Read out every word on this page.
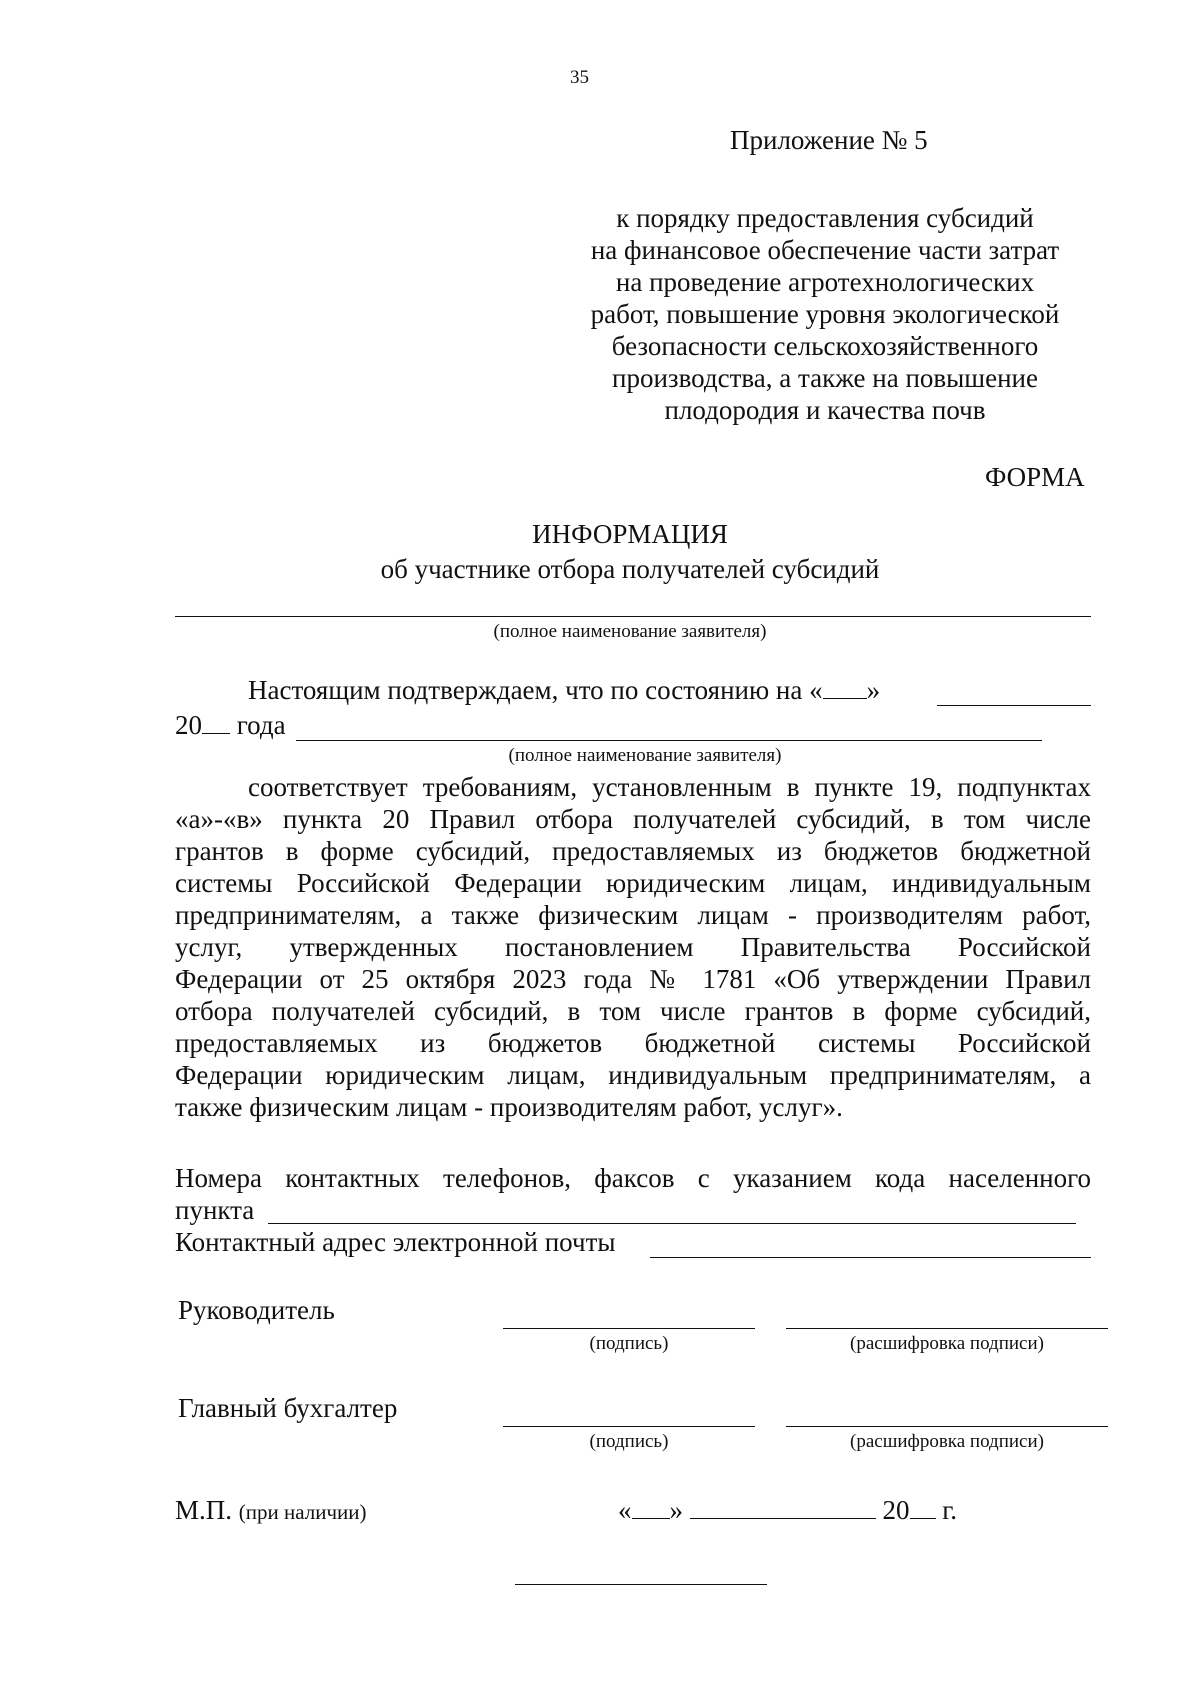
35
Приложение № 5
к порядку предоставления субсидий
на финансовое обеспечение части затрат
на проведение агротехнологических
работ, повышение уровня экологической
безопасности сельскохозяйственного
производства, а также на повышение
плодородия и качества почв
ФОРМА
ИНФОРМАЦИЯ
об участнике отбора получателей субсидий
(полное наименование заявителя)
Настоящим подтверждаем, что по состоянию на « »
20 года
(полное наименование заявителя)
соответствует требованиям, установленным в пункте 19, подпунктах
«а»-«в» пункта 20 Правил отбора получателей субсидий, в том числе
грантов в форме субсидий, предоставляемых из бюджетов бюджетной
системы Российской Федерации юридическим лицам, индивидуальным
предпринимателям, а также физическим лицам - производителям работ,
услуг, утвержденных постановлением Правительства Российской
Федерации от 25 октября 2023 года № 1781 «Об утверждении Правил
отбора получателей субсидий, в том числе грантов в форме субсидий,
предоставляемых из бюджетов бюджетной системы Российской
Федерации юридическим лицам, индивидуальным предпринимателям, а
также физическим лицам - производителям работ, услуг».
Номера контактных телефонов, факсов с указанием кода населенного
пункта
Контактный адрес электронной почты
Руководитель
(подпись)	(расшифровка подписи)
Главный бухгалтер
(подпись)	(расшифровка подписи)
М.П. (при наличии)	« »	20 г.
